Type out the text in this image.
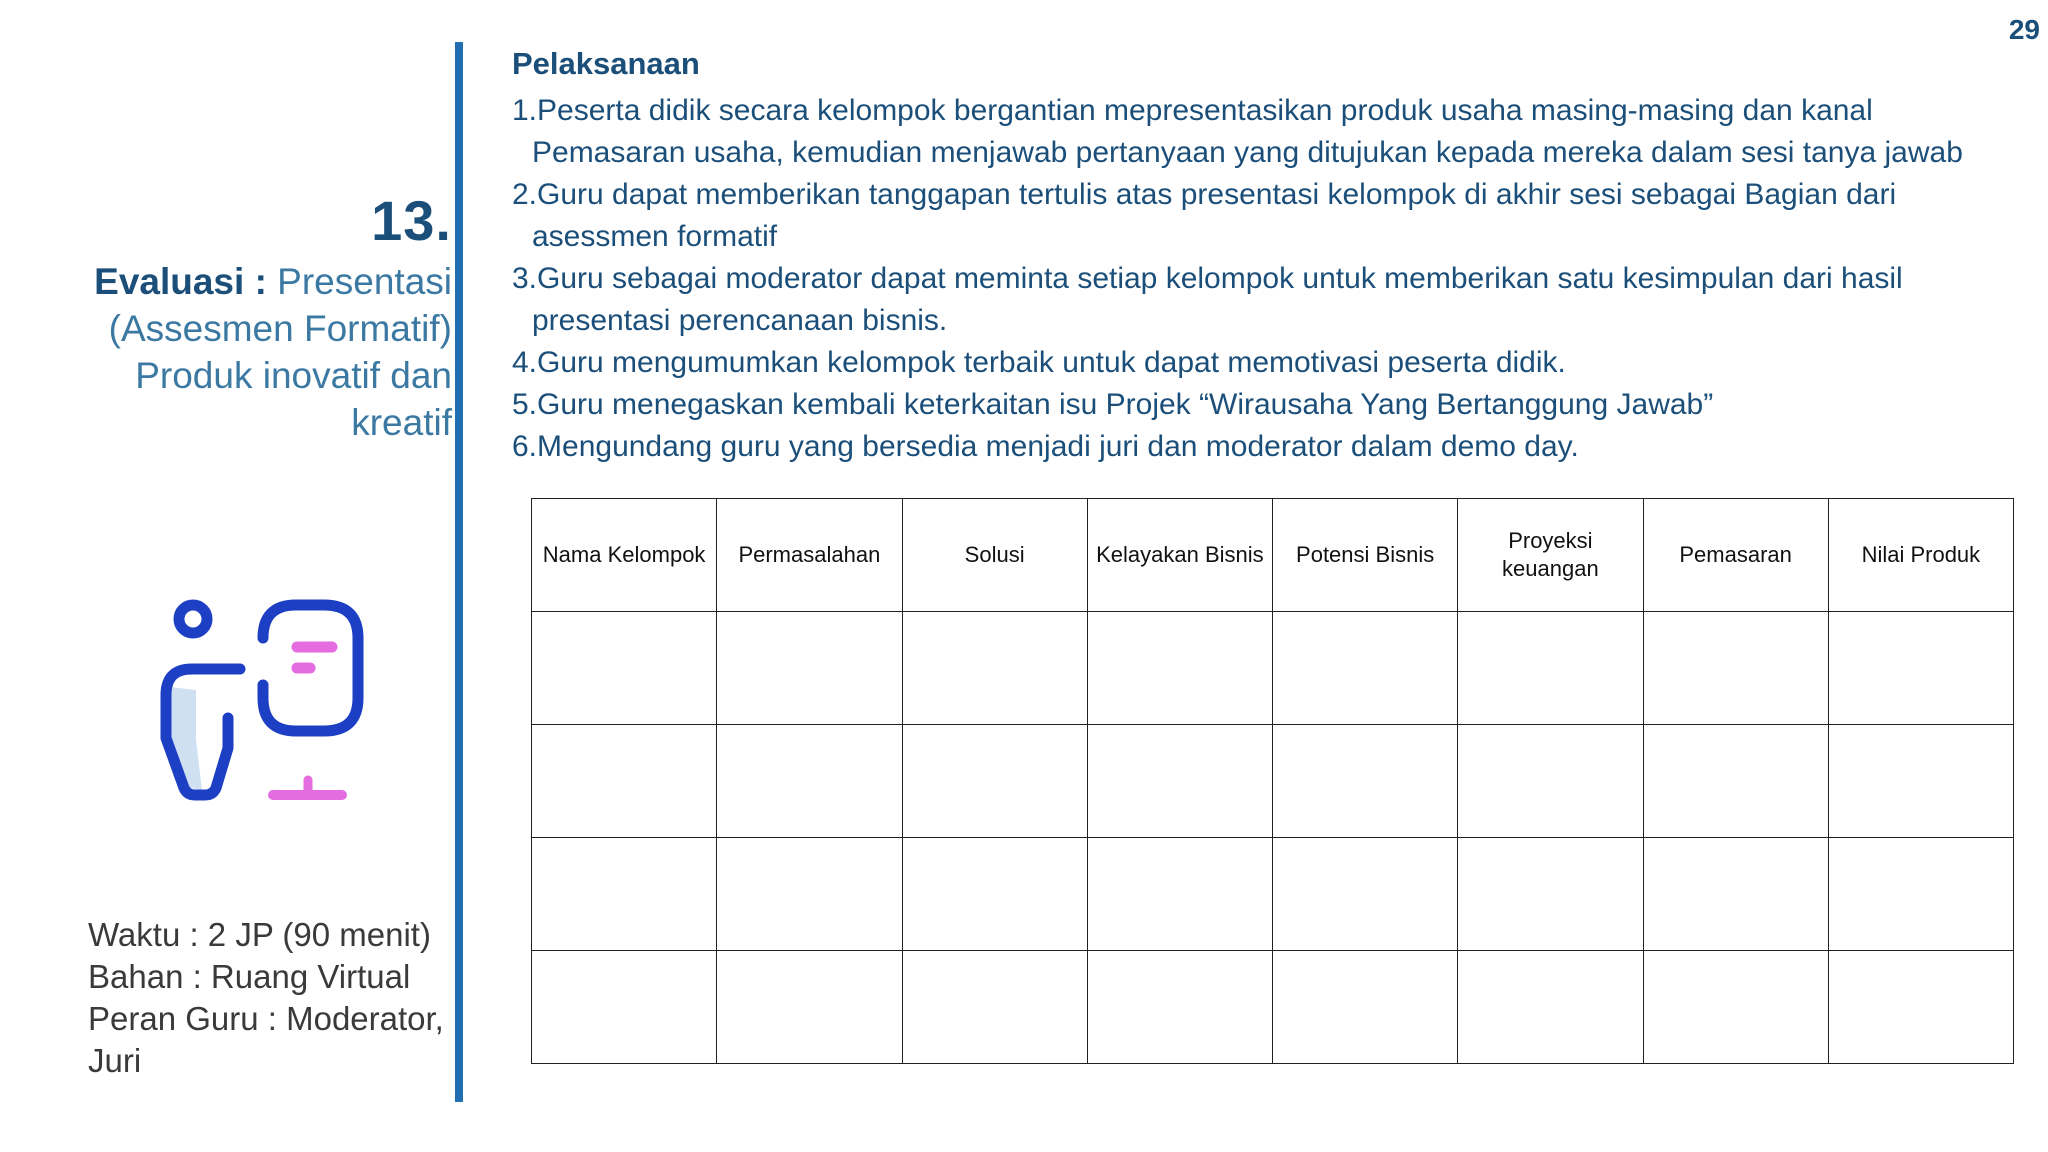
29
13.
Evaluasi : Presentasi (Assesmen Formatif) Produk inovatif dan kreatif
Waktu : 2 JP (90 menit)
Bahan : Ruang Virtual
Peran Guru : Moderator,
Juri
Pelaksanaan
1.Peserta didik secara kelompok bergantian mepresentasikan produk usaha masing-masing dan kanal Pemasaran usaha, kemudian menjawab pertanyaan yang ditujukan kepada mereka dalam sesi tanya jawab
2.Guru dapat memberikan tanggapan tertulis atas presentasi kelompok di akhir sesi sebagai Bagian dari asessmen formatif
3.Guru sebagai moderator dapat meminta setiap kelompok untuk memberikan satu kesimpulan dari hasil presentasi perencanaan bisnis.
4.Guru mengumumkan kelompok terbaik untuk dapat memotivasi peserta didik.
5.Guru menegaskan kembali keterkaitan isu Projek “Wirausaha Yang Bertanggung Jawab”
6.Mengundang guru yang bersedia menjadi juri dan moderator dalam demo day.
Nama Kelompok	Permasalahan	Solusi	Kelayakan Bisnis	Potensi Bisnis	Proyeksi keuangan	Pemasaran	Nilai Produk
